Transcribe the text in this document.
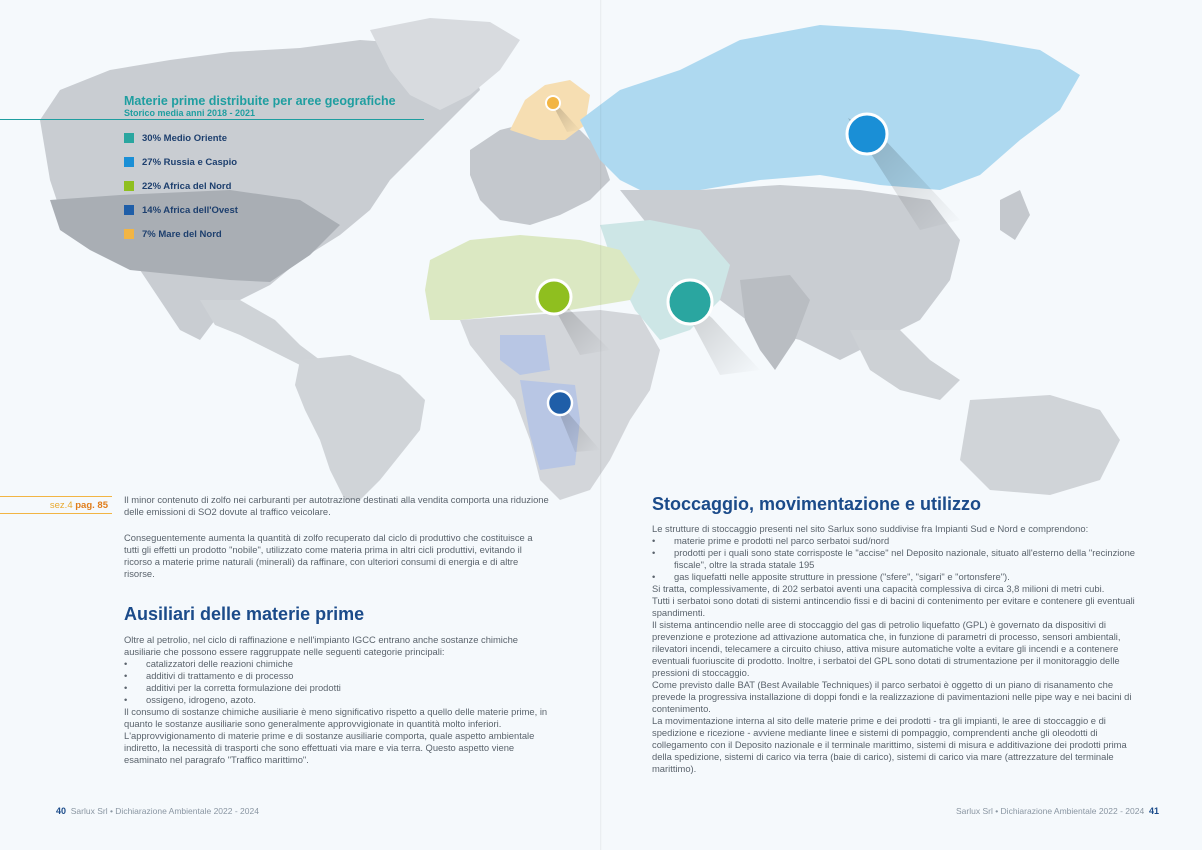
Materie prime distribuite per aree geografiche
Storico media anni 2018 - 2021
30% Medio Oriente
27% Russia e Caspio
22% Africa del Nord
14% Africa dell'Ovest
7% Mare del Nord
sez.4 pag. 85
Il minor contenuto di zolfo nei carburanti per autotrazione destinati alla vendita comporta una riduzione delle emissioni di SO2 dovute al traffico veicolare.
Conseguentemente aumenta la quantità di zolfo recuperato dal ciclo di produttivo che costituisce a tutti gli effetti un prodotto "nobile", utilizzato come materia prima in altri cicli produttivi, evitando il ricorso a materie prime naturali (minerali) da raffinare, con ulteriori consumi di energia e di altre risorse.
Ausiliari delle materie prime
Oltre al petrolio, nel ciclo di raffinazione e nell'impianto IGCC entrano anche sostanze chimiche ausiliarie che possono essere raggruppate nelle seguenti categorie principali:
• catalizzatori delle reazioni chimiche
• additivi di trattamento e di processo
• additivi per la corretta formulazione dei prodotti
• ossigeno, idrogeno, azoto.
Il consumo di sostanze chimiche ausiliarie è meno significativo rispetto a quello delle materie prime, in quanto le sostanze ausiliarie sono generalmente approvvigionate in quantità molto inferiori.
L'approvvigionamento di materie prime e di sostanze ausiliarie comporta, quale aspetto ambientale indiretto, la necessità di trasporti che sono effettuati via mare e via terra. Questo aspetto viene esaminato nel paragrafo "Traffico marittimo".
Stoccaggio, movimentazione e utilizzo
Le strutture di stoccaggio presenti nel sito Sarlux sono suddivise fra Impianti Sud e Nord e comprendono:
• materie prime e prodotti nel parco serbatoi sud/nord
• prodotti per i quali sono state corrisposte le "accise" nel Deposito nazionale, situato all'esterno della "recinzione fiscale", oltre la strada statale 195
• gas liquefatti nelle apposite strutture in pressione ("sfere", "sigari" e "ortonsfere").
Si tratta, complessivamente, di 202 serbatoi aventi una capacità complessiva di circa 3,8 milioni di metri cubi.
Tutti i serbatoi sono dotati di sistemi antincendio fissi e di bacini di contenimento per evitare e contenere gli eventuali spandimenti.
Il sistema antincendio nelle aree di stoccaggio del gas di petrolio liquefatto (GPL) è governato da dispositivi di prevenzione e protezione ad attivazione automatica che, in funzione di parametri di processo, sensori ambientali, rilevatori incendi, telecamere a circuito chiuso, attiva misure automatiche volte a evitare gli incendi e a contenere eventuali fuoriuscite di prodotto. Inoltre, i serbatoi del GPL sono dotati di strumentazione per il monitoraggio delle pressioni di stoccaggio.
Come previsto dalle BAT (Best Available Techniques) il parco serbatoi è oggetto di un piano di risanamento che prevede la progressiva installazione di doppi fondi e la realizzazione di pavimentazioni nelle pipe way e nei bacini di contenimento.
La movimentazione interna al sito delle materie prime e dei prodotti - tra gli impianti, le aree di stoccaggio e di spedizione e ricezione - avviene mediante linee e sistemi di pompaggio, comprendenti anche gli oleodotti di collegamento con il Deposito nazionale e il terminale marittimo, sistemi di misura e additivazione dei prodotti prima della spedizione, sistemi di carico via terra (baie di carico), sistemi di carico via mare (attrezzature del terminale marittimo).
40 Sarlux Srl • Dichiarazione Ambientale 2022 - 2024	Sarlux Srl • Dichiarazione Ambientale 2022 - 2024 41
